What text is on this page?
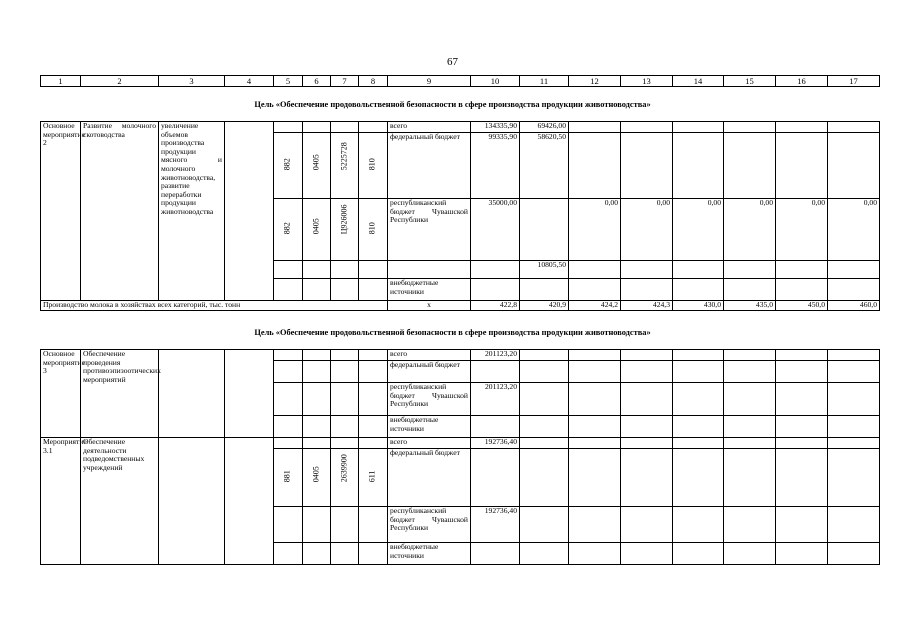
67
1	2	3	4	5	6	7	8	9	10	11	12	13	14	15	16	17
Цель «Обеспечение продовольственной безопасности в сфере производства продукции животноводства»
Основное мероприятие 2	Развитие молочного скотоводства	увеличение объемов производства продукции мясного и молочного животноводства, развитие переработки продукции животноводства						всего	134335,90	69426,00						

				882	0405	5225728	810	федеральный бюджет	99335,90	58620,50						

				882	0405	Ц926006	810	республиканский бюджет Чувашской Республики	35000,00		0,00	0,00	0,00	0,00	0,00	0,00
										10805,50						
								внебюджетные источники								
Производство молока в хозяйствах всех категорий, тыс. тонн								х	422,8	420,9	424,2	424,3	430,0	435,0	450,0	460,0
Цель «Обеспечение продовольственной безопасности в сфере производства продукции животноводства»
Основное мероприятие 3	Обеспечение проведения противоэпизоотических мероприятий							всего	201123,20							
								федеральный бюджет								
								республиканский бюджет Чувашской Республики	201123,20							
								внебюджетные источники								
Мероприятие 3.1	Обеспечение деятельности подведомственных учреждений							всего	192736,40							

				881	0405	2639900	611	федеральный бюджет								
								республиканский бюджет Чувашской Республики	192736,40							
								внебюджетные источники								
